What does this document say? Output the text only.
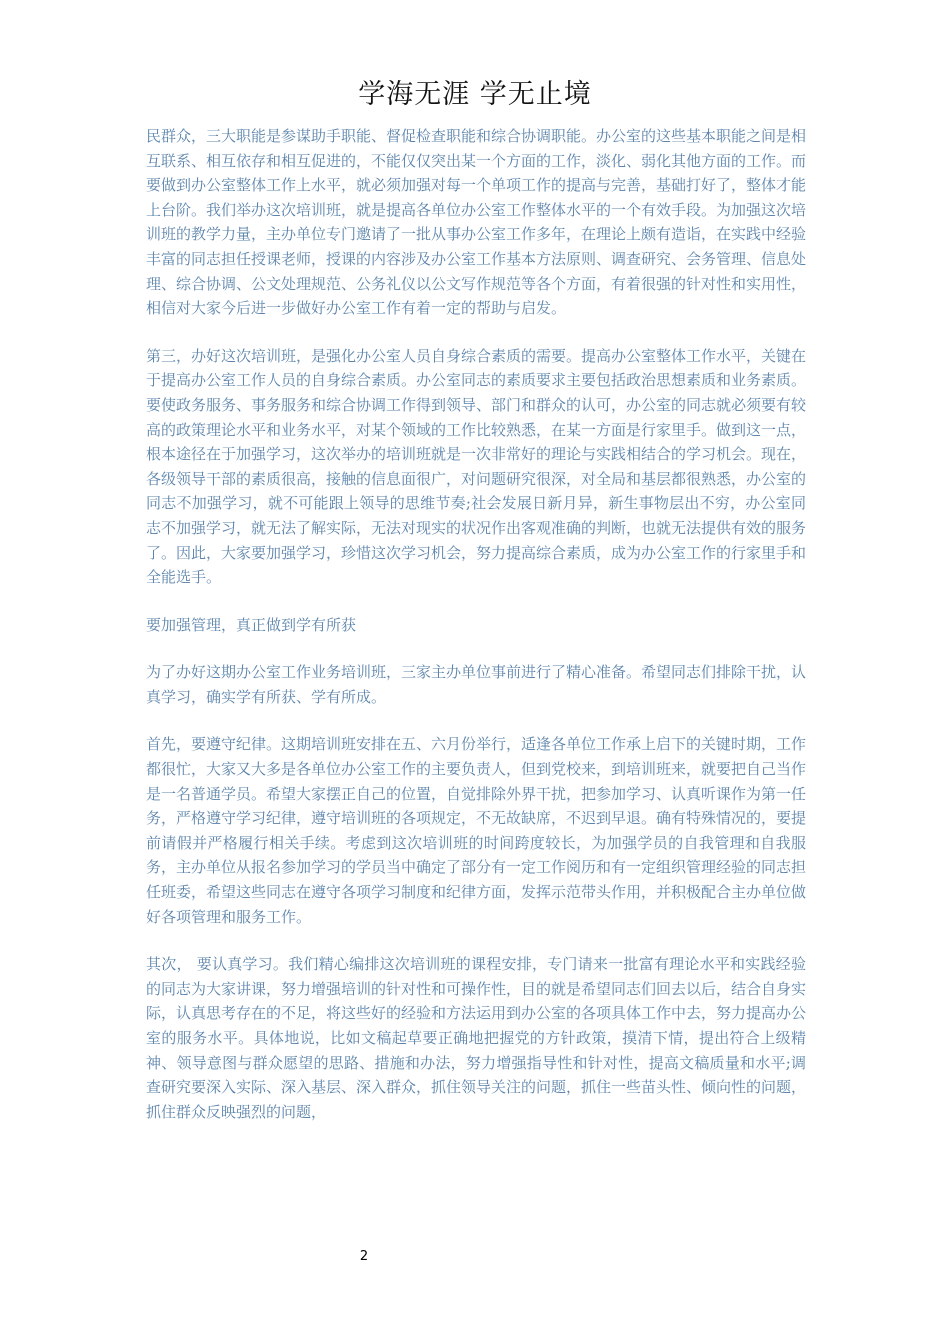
学海无涯 学无止境

民群众，三大职能是参谋助手职能、督促检查职能和综合协调职能。办公室的这些基本职能之间是相互联系、相互依存和相互促进的，不能仅仅突出某一个方面的工作，淡化、弱化其他方面的工作。而要做到办公室整体工作上水平，就必须加强对每一个单项工作的提高与完善，基础打好了，整体才能上台阶。我们举办这次培训班，就是提高各单位办公室工作整体水平的一个有效手段。为加强这次培训班的教学力量，主办单位专门邀请了一批从事办公室工作多年，在理论上颇有造诣，在实践中经验丰富的同志担任授课老师，授课的内容涉及办公室工作基本方法原则、调查研究、会务管理、信息处理、综合协调、公文处理规范、公务礼仪以公文写作规范等各个方面，有着很强的针对性和实用性，相信对大家今后进一步做好办公室工作有着一定的帮助与启发。

第三，办好这次培训班，是强化办公室人员自身综合素质的需要。提高办公室整体工作水平，关键在于提高办公室工作人员的自身综合素质。办公室同志的素质要求主要包括政治思想素质和业务素质。要使政务服务、事务服务和综合协调工作得到领导、部门和群众的认可，办公室的同志就必须要有较高的政策理论水平和业务水平，对某个领域的工作比较熟悉，在某一方面是行家里手。做到这一点，根本途径在于加强学习，这次举办的培训班就是一次非常好的理论与实践相结合的学习机会。现在，各级领导干部的素质很高，接触的信息面很广，对问题研究很深，对全局和基层都很熟悉，办公室的同志不加强学习，就不可能跟上领导的思维节奏;社会发展日新月异，新生事物层出不穷，办公室同志不加强学习，就无法了解实际，无法对现实的状况作出客观准确的判断，也就无法提供有效的服务了。因此，大家要加强学习，珍惜这次学习机会，努力提高综合素质，成为办公室工作的行家里手和全能选手。

要加强管理，真正做到学有所获

为了办好这期办公室工作业务培训班，三家主办单位事前进行了精心准备。希望同志们排除干扰，认真学习，确实学有所获、学有所成。

首先，要遵守纪律。这期培训班安排在五、六月份举行，适逢各单位工作承上启下的关键时期，工作都很忙，大家又大多是各单位办公室工作的主要负责人，但到党校来，到培训班来，就要把自己当作是一名普通学员。希望大家摆正自己的位置，自觉排除外界干扰，把参加学习、认真听课作为第一任务，严格遵守学习纪律，遵守培训班的各项规定，不无故缺席，不迟到早退。确有特殊情况的，要提前请假并严格履行相关手续。考虑到这次培训班的时间跨度较长，为加强学员的自我管理和自我服务，主办单位从报名参加学习的学员当中确定了部分有一定工作阅历和有一定组织管理经验的同志担任班委，希望这些同志在遵守各项学习制度和纪律方面，发挥示范带头作用，并积极配合主办单位做好各项管理和服务工作。

其次， 要认真学习。我们精心编排这次培训班的课程安排，专门请来一批富有理论水平和实践经验的同志为大家讲课，努力增强培训的针对性和可操作性，目的就是希望同志们回去以后，结合自身实际，认真思考存在的不足，将这些好的经验和方法运用到办公室的各项具体工作中去，努力提高办公室的服务水平。具体地说，比如文稿起草要正确地把握党的方针政策，摸清下情，提出符合上级精神、领导意图与群众愿望的思路、措施和办法，努力增强指导性和针对性，提高文稿质量和水平;调查研究要深入实际、深入基层、深入群众，抓住领导关注的问题，抓住一些苗头性、倾向性的问题，抓住群众反映强烈的问题，

2
